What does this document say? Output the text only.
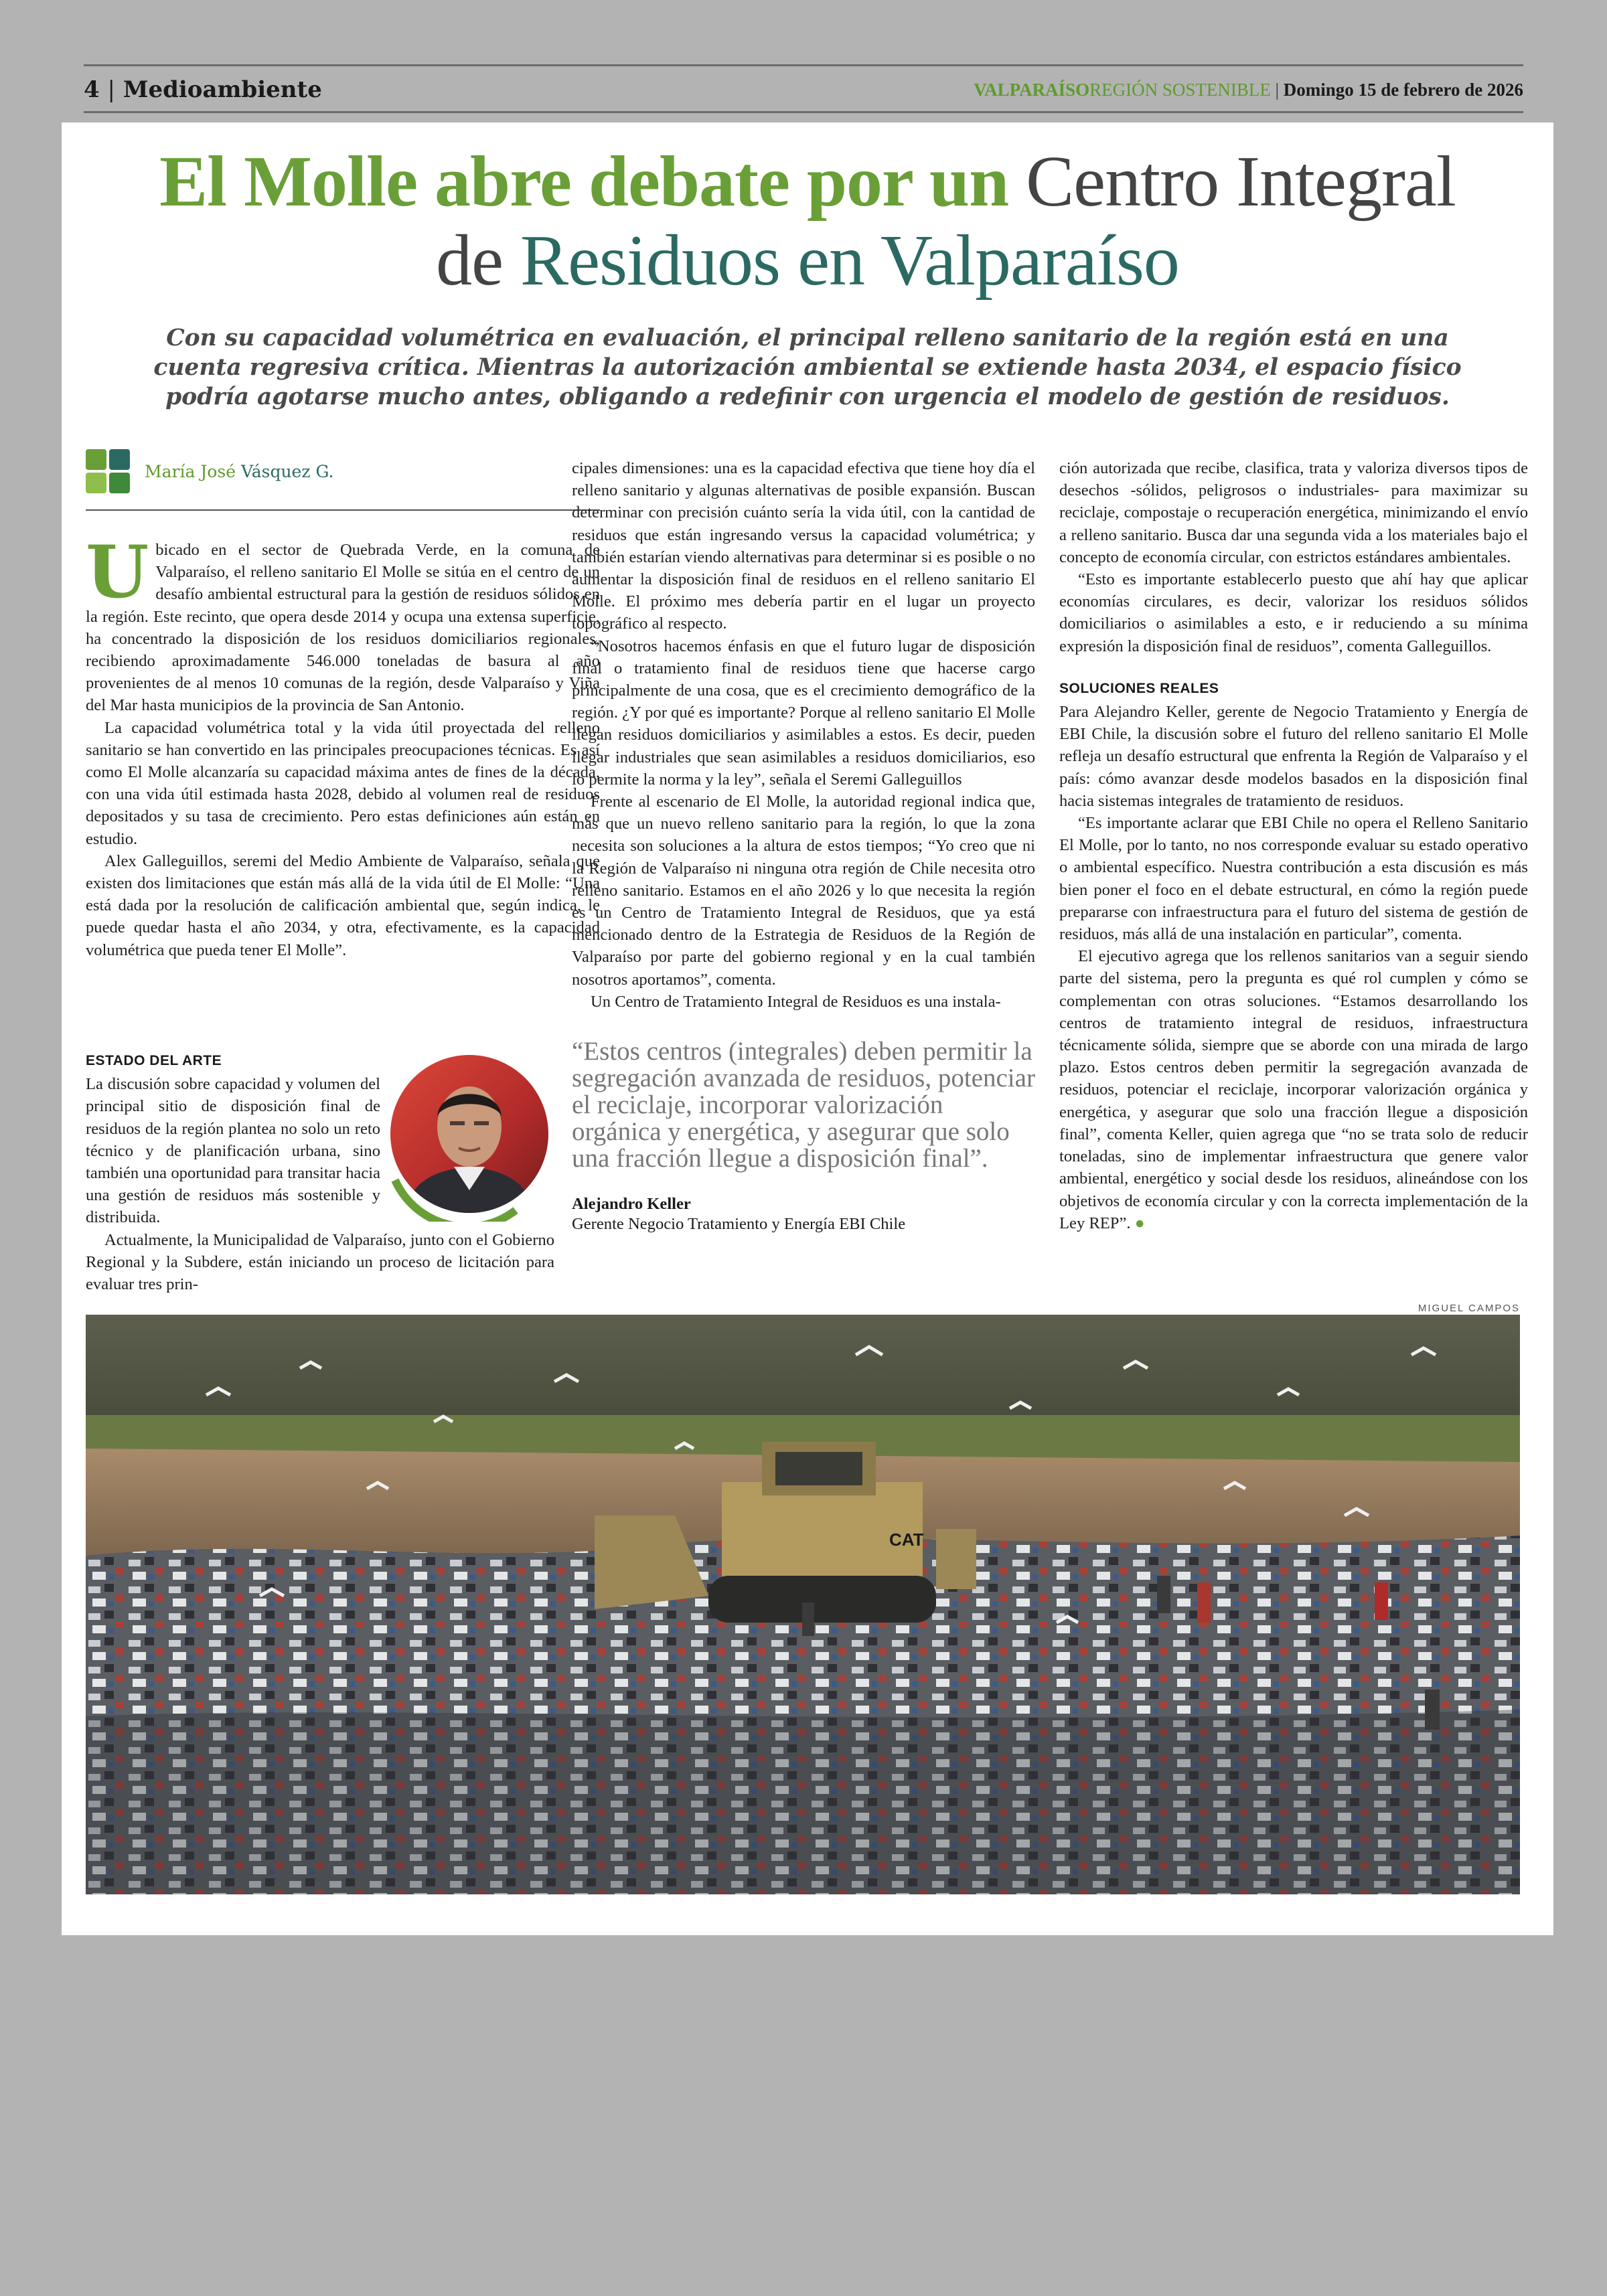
4 | Medioambiente	VALPARAÍSOREGIÓN SOSTENIBLE | Domingo 15 de febrero de 2026
El Molle abre debate por un Centro Integral
de Residuos en Valparaíso
Con su capacidad volumétrica en evaluación, el principal relleno sanitario de la región está en una cuenta regresiva crítica. Mientras la autorización ambiental se extiende hasta 2034, el espacio físico podría agotarse mucho antes, obligando a redefinir con urgencia el modelo de gestión de residuos.
María José Vásquez G.

Ubicado en el sector de Quebrada Verde, en la comuna de Valparaíso, el relleno sanitario El Molle se sitúa en el centro de un desafío ambiental estructural para la gestión de residuos sólidos en la región. Este recinto, que opera desde 2014 y ocupa una extensa superficie, ha concentrado la disposición de los residuos domiciliarios regionales, recibiendo aproximadamente 546.000 toneladas de basura al año provenientes de al menos 10 comunas de la región, desde Valparaíso y Viña del Mar hasta municipios de la provincia de San Antonio.

La capacidad volumétrica total y la vida útil proyectada del relleno sanitario se han convertido en las principales preocupaciones técnicas. Es así como El Molle alcanzaría su capacidad máxima antes de fines de la década, con una vida útil estimada hasta 2028, debido al volumen real de residuos depositados y su tasa de crecimiento. Pero estas definiciones aún están en estudio.

Alex Galleguillos, seremi del Medio Ambiente de Valparaíso, señala que existen dos limitaciones que están más allá de la vida útil de El Molle: “Una está dada por la resolución de calificación ambiental que, según indica, le puede quedar hasta el año 2034, y otra, efectivamente, es la capacidad volumétrica que pueda tener El Molle”.

ESTADO DEL ARTE

La discusión sobre capacidad y volumen del principal sitio de disposición final de residuos de la región plantea no solo un reto técnico y de planificación urbana, sino también una oportunidad para transitar hacia una gestión de residuos más sostenible y distribuida.

Actualmente, la Municipalidad de Valparaíso, junto con el Gobierno Regional y la Subdere, están iniciando un proceso de licitación para evaluar tres prin-

cipales dimensiones: una es la capacidad efectiva que tiene hoy día el relleno sanitario y algunas alternativas de posible expansión. Buscan determinar con precisión cuánto sería la vida útil, con la cantidad de residuos que están ingresando versus la capacidad volumétrica; y también estarían viendo alternativas para determinar si es posible o no aumentar la disposición final de residuos en el relleno sanitario El Molle. El próximo mes debería partir en el lugar un proyecto topográfico al respecto.

“Nosotros hacemos énfasis en que el futuro lugar de disposición final o tratamiento final de residuos tiene que hacerse cargo principalmente de una cosa, que es el crecimiento demográfico de la región. ¿Y por qué es importante? Porque al relleno sanitario El Molle llegan residuos domiciliarios y asimilables a estos. Es decir, pueden llegar industriales que sean asimilables a residuos domiciliarios, eso lo permite la norma y la ley”, señala el Seremi Galleguillos

Frente al escenario de El Molle, la autoridad regional indica que, más que un nuevo relleno sanitario para la región, lo que la zona necesita son soluciones a la altura de estos tiempos; “Yo creo que ni la Región de Valparaíso ni ninguna otra región de Chile necesita otro relleno sanitario. Estamos en el año 2026 y lo que necesita la región es un Centro de Tratamiento Integral de Residuos, que ya está mencionado dentro de la Estrategia de Residuos de la Región de Valparaíso por parte del gobierno regional y en la cual también nosotros aportamos”, comenta.

Un Centro de Tratamiento Integral de Residuos es una instala-

“Estos centros (integrales) deben permitir la segregación avanzada de residuos, potenciar el reciclaje, incorporar valorización orgánica y energética, y asegurar que solo una fracción llegue a disposición final”.

Alejandro Keller

Gerente Negocio Tratamiento y Energía EBI Chile

ción autorizada que recibe, clasifica, trata y valoriza diversos tipos de desechos -sólidos, peligrosos o industriales- para maximizar su reciclaje, compostaje o recuperación energética, minimizando el envío a relleno sanitario. Busca dar una segunda vida a los materiales bajo el concepto de economía circular, con estrictos estándares ambientales.

“Esto es importante establecerlo puesto que ahí hay que aplicar economías circulares, es decir, valorizar los residuos sólidos domiciliarios o asimilables a esto, e ir reduciendo a su mínima expresión la disposición final de residuos”, comenta Galleguillos.

SOLUCIONES REALES

Para Alejandro Keller, gerente de Negocio Tratamiento y Energía de EBI Chile, la discusión sobre el futuro del relleno sanitario El Molle refleja un desafío estructural que enfrenta la Región de Valparaíso y el país: cómo avanzar desde modelos basados en la disposición final hacia sistemas integrales de tratamiento de residuos.

“Es importante aclarar que EBI Chile no opera el Relleno Sanitario El Molle, por lo tanto, no nos corresponde evaluar su estado operativo o ambiental específico. Nuestra contribución a esta discusión es más bien poner el foco en el debate estructural, en cómo la región puede prepararse con infraestructura para el futuro del sistema de gestión de residuos, más allá de una instalación en particular”, comenta.

El ejecutivo agrega que los rellenos sanitarios van a seguir siendo parte del sistema, pero la pregunta es qué rol cumplen y cómo se complementan con otras soluciones. “Estamos desarrollando los centros de tratamiento integral de residuos, infraestructura técnicamente sólida, siempre que se aborde con una mirada de largo plazo. Estos centros deben permitir la segregación avanzada de residuos, potenciar el reciclaje, incorporar valorización orgánica y energética, y asegurar que solo una fracción llegue a disposición final”, comenta Keller, quien agrega que “no se trata solo de reducir toneladas, sino de implementar infraestructura que genere valor ambiental, energético y social desde los residuos, alineándose con los objetivos de economía circular y con la correcta implementación de la Ley REP”. ●

MIGUEL CAMPOS
CAT
